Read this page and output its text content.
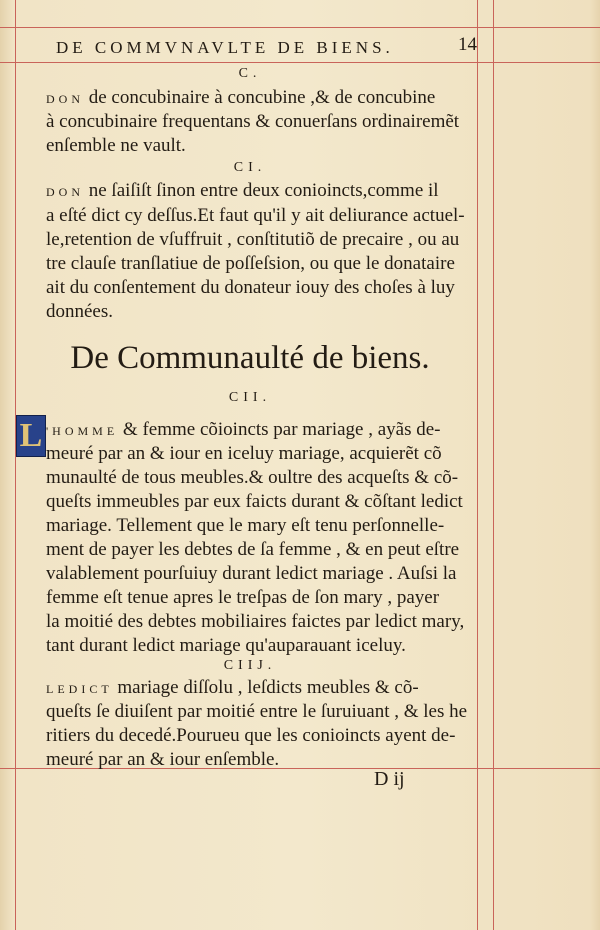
DE COMMVNAVLTE DE BIENS.	14
C.
DON de concubinaire à concubine ,& de concubine
à concubinaire frequentans & conuerſans ordinairemẽt
enſemble ne vault.
CI.
DON ne ſaiſiſt ſinon entre deux conioincts,comme il
a eſté dict cy deſſus.Et faut qu'il y ait deliurance actuel-
le,retention de vſuffruit , conſtitutiõ de precaire , ou au
tre clauſe tranſlatiue de poſſeſsion, ou que le donataire
ait du conſentement du donateur iouy des choſes à luy
données.
De Communaulté de biens.
CII.
L 'HOMME & femme cõioincts par mariage , ayãs de-
meuré par an & iour en iceluy mariage, acquierẽt cõ
munaulté de tous meubles.& oultre des acqueſts & cõ-
queſts immeubles par eux faicts durant & cõſtant ledict
mariage. Tellement que le mary eſt tenu perſonnelle-
ment de payer les debtes de ſa femme , & en peut eſtre
valablement pourſuiuy durant ledict mariage . Auſsi la
femme eſt tenue apres le treſpas de ſon mary , payer
la moitié des debtes mobiliaires faictes par ledict mary,
tant durant ledict mariage qu'auparauant iceluy.
CIIJ.
LEDICT mariage diſſolu , leſdicts meubles & cõ-
queſts ſe diuiſent par moitié entre le ſuruiuant , & les he
ritiers du decedé.Pourueu que les conioincts ayent de-
meuré par an & iour enſemble.
D ij
